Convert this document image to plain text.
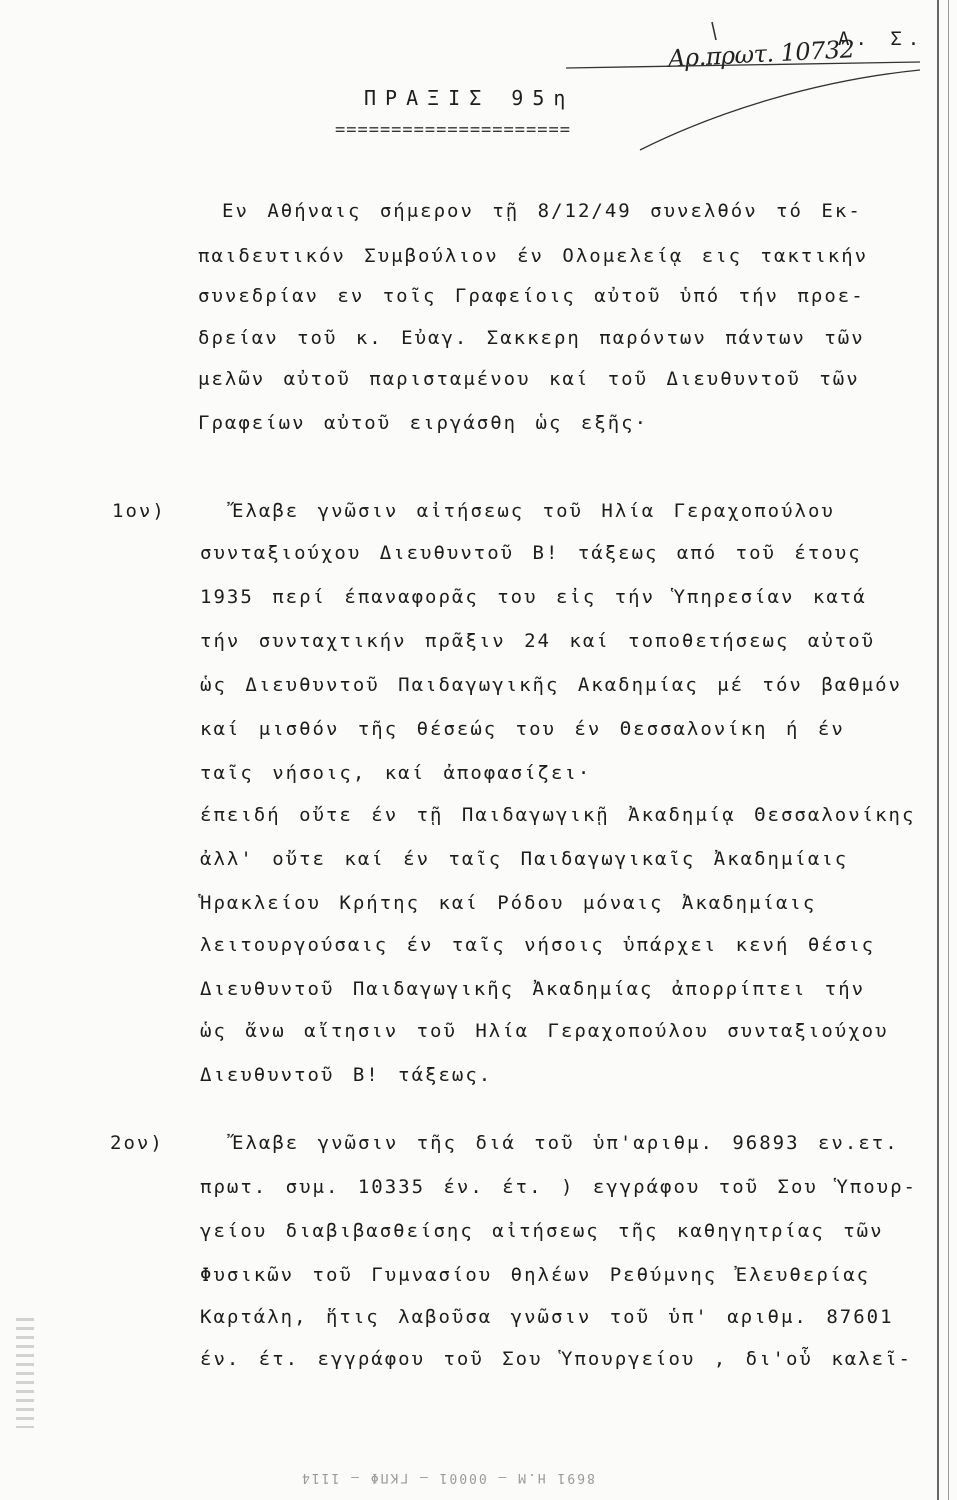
Αρ.πρωτ. 10732
Α. Σ.
ΠΡΑΞΙΣ 95η
=====================
Εν Αθήναις σήμερον τῇ 8/12/49 συνελθόν τό Εκ-
παιδευτικόν Συμβούλιον έν Ολομελείᾳ εις τακτικήν
συνεδρίαν εν τοῖς Γραφείοις αὐτοῦ ὑπό τήν προε-
δρείαν τοῦ κ. Εὐαγ. Σακκερη παρόντων πάντων τῶν
μελῶν αὐτοῦ παρισταμένου καί τοῦ Διευθυντοῦ τῶν
Γραφείων αὐτοῦ ειργάσθη ὡς εξῆς·
1ον)	Ἔλαβε γνῶσιν αἰτήσεως τοῦ Ηλία Γεραχοπούλου
συνταξιούχου Διευθυντοῦ Β! τάξεως από τοῦ έτους
1935 περί έπαναφορᾶς του εἰς τήν Ὑπηρεσίαν κατά
τήν συνταχτικήν πρᾶξιν 24 καί τοποθετήσεως αὐτοῦ
ὡς Διευθυντοῦ Παιδαγωγικῆς Ακαδημίας μέ τόν βαθμόν
καί μισθόν τῆς θέσεώς του έν Θεσσαλονίκη ή έν
ταῖς νήσοις, καί ἀποφασίζει·
έπειδή οὔτε έν τῇ Παιδαγωγικῇ Ἀκαδημίᾳ Θεσσαλονίκης
ἀλλ' οὔτε καί έν ταῖς Παιδαγωγικαῖς Ἀκαδημίαις
Ἡρακλείου Κρήτης καί Ρόδου μόναις Ἀκαδημίαις
λειτουργούσαις έν ταῖς νήσοις ὑπάρχει κενή θέσις
Διευθυντοῦ Παιδαγωγικῆς Ἀκαδημίας ἀπορρίπτει τήν
ὡς ἄνω αἴτησιν τοῦ Ηλία Γεραχοπούλου συνταξιούχου
Διευθυντοῦ Β! τάξεως.
2ον)	Ἔλαβε γνῶσιν τῆς διά τοῦ ὑπ'αριθμ. 96893 εν.ετ.
πρωτ. συμ. 10335 έν. έτ. ) εγγράφου τοῦ Σου Ὑπουρ-
γείου διαβιβασθείσης αἰτήσεως τῆς καθηγητρίας τῶν
Φυσικῶν τοῦ Γυμνασίου θηλέων Ρεθύμνης Ἐλευθερίας
Καρτάλη, ἥτις λαβοῦσα γνῶσιν τοῦ ὑπ' αριθμ. 87601
έν. έτ. εγγράφου τοῦ Σου Ὑπουργείου , δι'οὗ καλεῖ-
8691 Η.Μ — 00001 — ΓΚΠΦ — 1114
